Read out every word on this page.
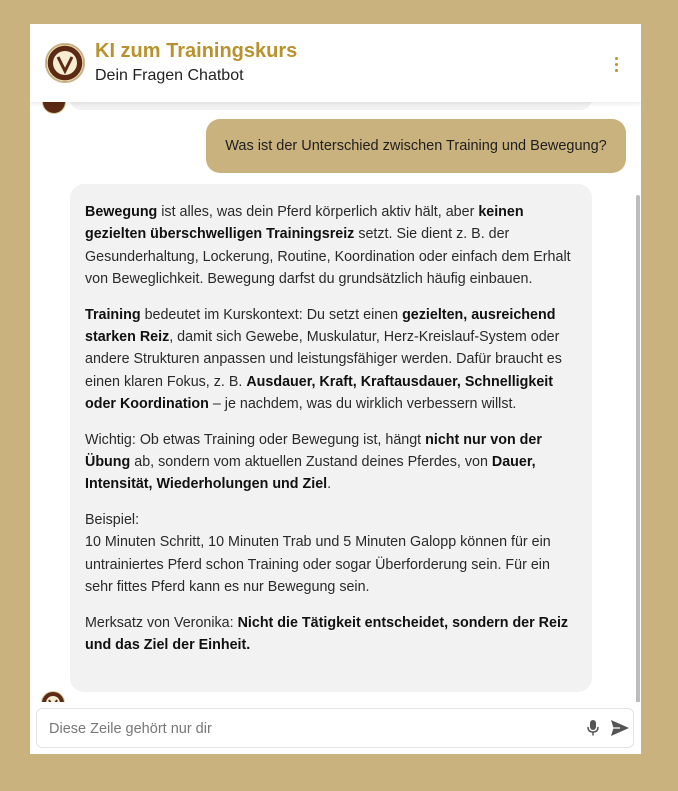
KI zum Trainingskurs
Dein Fragen Chatbot
Was ist der Unterschied zwischen Training und Bewegung?

Bewegung ist alles, was dein Pferd körperlich aktiv hält, aber keinen gezielten überschwelligen Trainingsreiz setzt. Sie dient z. B. der Gesunderhaltung, Lockerung, Routine, Koordination oder einfach dem Erhalt von Beweglichkeit. Bewegung darfst du grundsätzlich häufig einbauen.

Training bedeutet im Kurskontext: Du setzt einen gezielten, ausreichend starken Reiz, damit sich Gewebe, Muskulatur, Herz-Kreislauf-System oder andere Strukturen anpassen und leistungsfähiger werden. Dafür braucht es einen klaren Fokus, z. B. Ausdauer, Kraft, Kraftausdauer, Schnelligkeit oder Koordination – je nachdem, was du wirklich verbessern willst.

Wichtig: Ob etwas Training oder Bewegung ist, hängt nicht nur von der Übung ab, sondern vom aktuellen Zustand deines Pferdes, von Dauer, Intensität, Wiederholungen und Ziel.

Beispiel:
10 Minuten Schritt, 10 Minuten Trab und 5 Minuten Galopp können für ein untrainiertes Pferd schon Training oder sogar Überforderung sein. Für ein sehr fittes Pferd kann es nur Bewegung sein.

Merksatz von Veronika: Nicht die Tätigkeit entscheidet, sondern der Reiz und das Ziel der Einheit.

Diese Zeile gehört nur dir
